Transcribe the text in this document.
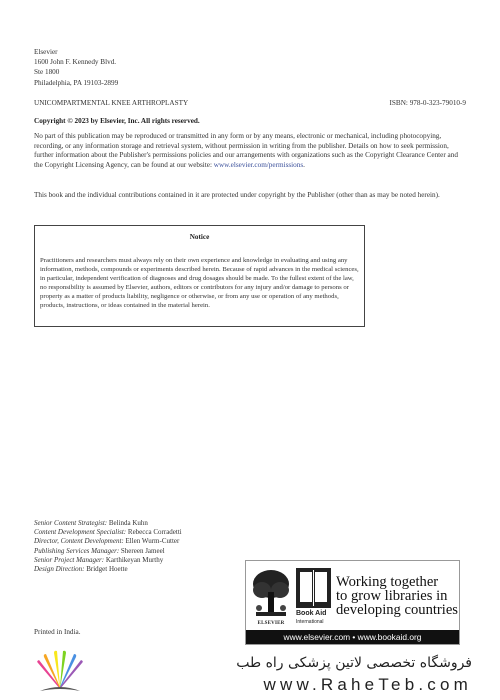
Elsevier
1600 John F. Kennedy Blvd.
Ste 1800
Philadelphia, PA 19103-2899
UNICOMPARTMENTAL KNEE ARTHROPLASTY	ISBN: 978-0-323-79010-9
Copyright © 2023 by Elsevier, Inc. All rights reserved.
No part of this publication may be reproduced or transmitted in any form or by any means, electronic or mechanical, including photocopying, recording, or any information storage and retrieval system, without permission in writing from the publisher. Details on how to seek permission, further information about the Publisher's permissions policies and our arrangements with organizations such as the Copyright Clearance Center and the Copyright Licensing Agency, can be found at our website: www.elsevier.com/permissions.
This book and the individual contributions contained in it are protected under copyright by the Publisher (other than as may be noted herein).
Notice
Practitioners and researchers must always rely on their own experience and knowledge in evaluating and using any information, methods, compounds or experiments described herein. Because of rapid advances in the medical sciences, in particular, independent verification of diagnoses and drug dosages should be made. To the fullest extent of the law, no responsibility is assumed by Elsevier, authors, editors or contributors for any injury and/or damage to persons or property as a matter of products liability, negligence or otherwise, or from any use or operation of any methods, products, instructions, or ideas contained in the material herein.
Senior Content Strategist: Belinda Kuhn
Content Development Specialist: Rebecca Corradetti
Director, Content Development: Ellen Wurm-Cutter
Publishing Services Manager: Shereen Jameel
Senior Project Manager: Karthikeyan Murthy
Design Direction: Bridget Hoette
Printed in India.
ELSEVIER
Book Aid
International
Working together
to grow libraries in
developing countries
www.elsevier.com • www.bookaid.org
فروشگاه تخصصی لاتین پزشکی راه طب
www.RaheTeb.com
